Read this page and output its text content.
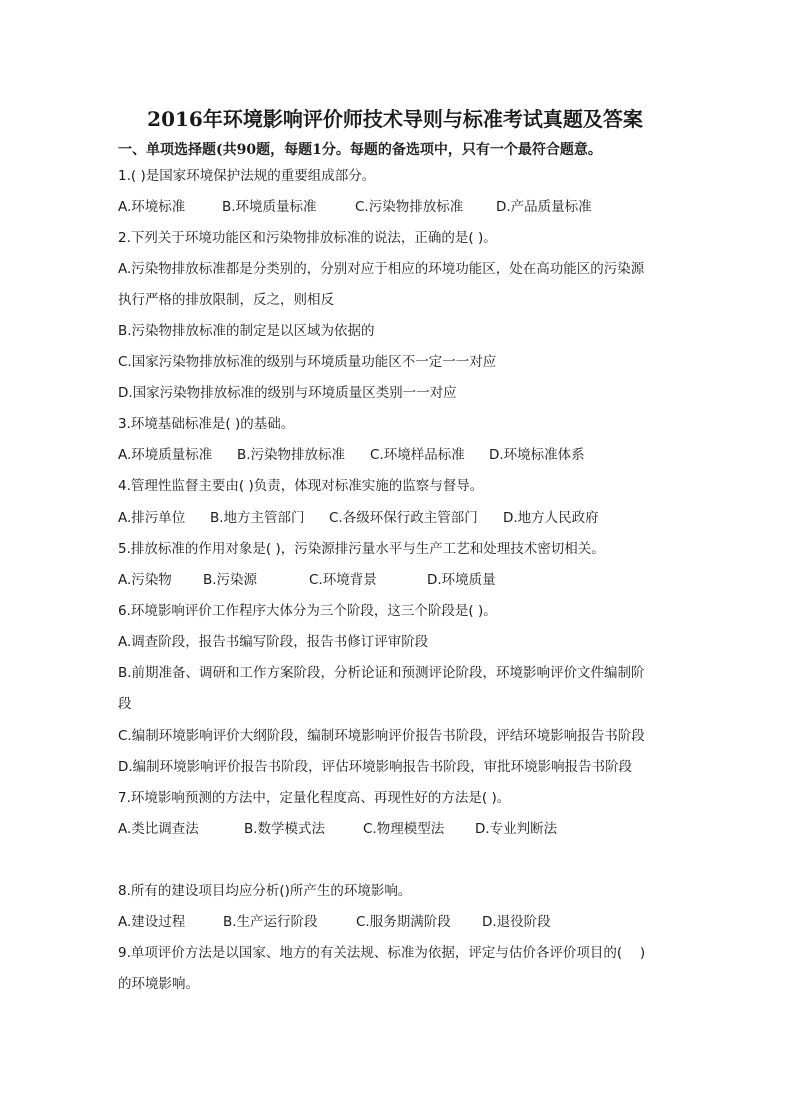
2016年环境影响评价师技术导则与标准考试真题及答案
一、单项选择题(共90题，每题1分。每题的备选项中，只有一个最符合题意。
1.( )是国家环境保护法规的重要组成部分。
A.环境标准	B.环境质量标准	C.污染物排放标准 D.产品质量标准
2.下列关于环境功能区和污染物排放标准的说法，正确的是( )。
A.污染物排放标准都是分类别的，分别对应于相应的环境功能区，处在高功能区的污染源
执行严格的排放限制，反之，则相反
B.污染物排放标准的制定是以区域为依据的
C.国家污染物排放标准的级别与环境质量功能区不一定一一对应
D.国家污染物排放标准的级别与环境质量区类别一一对应
3.环境基础标准是( )的基础。
A.环境质量标准 B.污染物排放标准 C.环境样品标准 D.环境标准体系
4.管理性监督主要由( )负责，体现对标准实施的监察与督导。
A.排污单位 B.地方主管部门 C.各级环保行政主管部门 D.地方人民政府
5.排放标准的作用对象是( )，污染源排污量水平与生产工艺和处理技术密切相关。
A.污染物 B.污染源	C.环境背景	D.环境质量
6.环境影响评价工作程序大体分为三个阶段，这三个阶段是( )。
A.调查阶段，报告书编写阶段，报告书修订评审阶段
B.前期准备、调研和工作方案阶段，分析论证和预测评论阶段，环境影响评价文件编制阶
段
C.编制环境影响评价大纲阶段，编制环境影响评价报告书阶段，评结环境影响报告书阶段
D.编制环境影响评价报告书阶段，评估环境影响报告书阶段，审批环境影响报告书阶段
7.环境影响预测的方法中，定量化程度高、再现性好的方法是( )。
A.类比调查法	B.数学模式法	C.物理模型法 D.专业判断法
8.所有的建设项目均应分析()所产生的环境影响。
A.建设过程	B.生产运行阶段	C.服务期满阶段 D.退役阶段
9.单项评价方法是以国家、地方的有关法规、标准为依据，评定与估价各评价项目的(　 )
的环境影响。
